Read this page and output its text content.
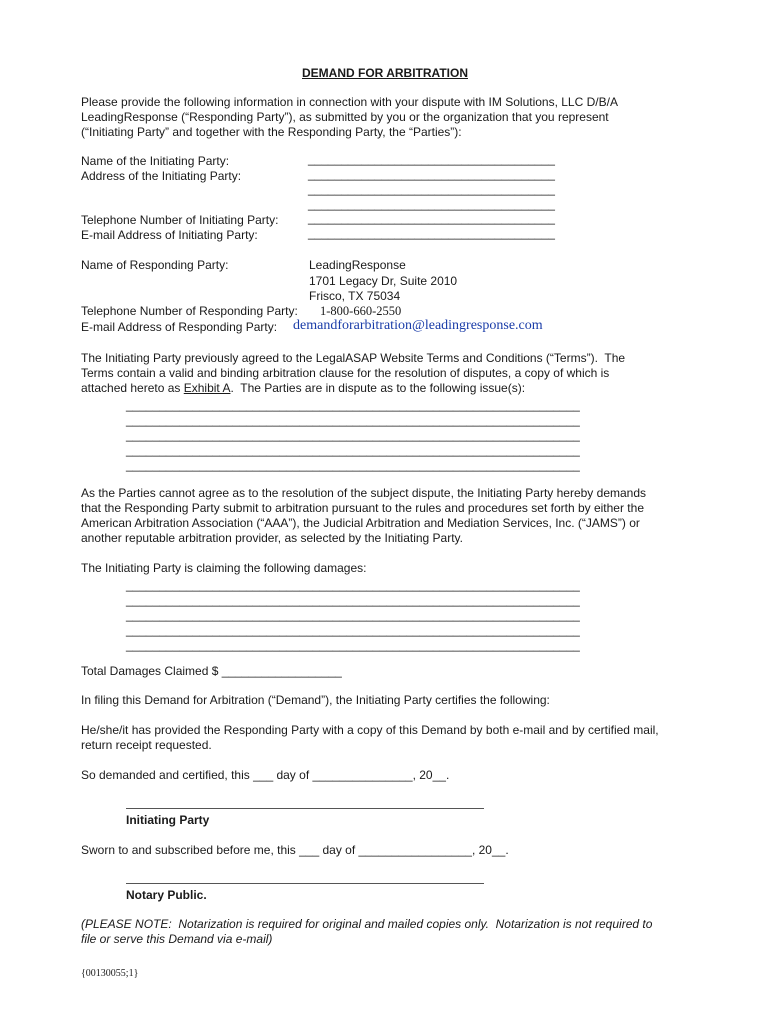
DEMAND FOR ARBITRATION
Please provide the following information in connection with your dispute with IM Solutions, LLC D/B/A
LeadingResponse (“Responding Party”), as submitted by you or the organization that you represent
(“Initiating Party” and together with the Responding Party, the “Parties”):
Name of the Initiating Party:	_____________________________________
Address of the Initiating Party:	_____________________________________
_____________________________________
_____________________________________
Telephone Number of Initiating Party: _____________________________________
E-mail Address of Initiating Party:	_____________________________________
Name of Responding Party:	LeadingResponse
1701 Legacy Dr, Suite 2010
Frisco, TX 75034
Telephone Number of Responding Party: 1-800-660-2550
E-mail Address of Responding Party: demandforarbitration@leadingresponse.com
The Initiating Party previously agreed to the LegalASAP Website Terms and Conditions (“Terms”).  The
Terms contain a valid and binding arbitration clause for the resolution of disputes, a copy of which is
attached hereto as Exhibit A.  The Parties are in dispute as to the following issue(s):
____________________________________________________________________
____________________________________________________________________
____________________________________________________________________
____________________________________________________________________
____________________________________________________________________
As the Parties cannot agree as to the resolution of the subject dispute, the Initiating Party hereby demands
that the Responding Party submit to arbitration pursuant to the rules and procedures set forth by either the
American Arbitration Association (“AAA”), the Judicial Arbitration and Mediation Services, Inc. (“JAMS”) or
another reputable arbitration provider, as selected by the Initiating Party.
The Initiating Party is claiming the following damages:
____________________________________________________________________
____________________________________________________________________
____________________________________________________________________
____________________________________________________________________
____________________________________________________________________
Total Damages Claimed $ __________________
In filing this Demand for Arbitration (“Demand”), the Initiating Party certifies the following:
He/she/it has provided the Responding Party with a copy of this Demand by both e-mail and by certified mail,
return receipt requested.
So demanded and certified, this ___ day of _______________, 20__.
Initiating Party
Sworn to and subscribed before me, this ___ day of _________________, 20__.
Notary Public.
(PLEASE NOTE:  Notarization is required for original and mailed copies only.  Notarization is not required to
file or serve this Demand via e-mail)
{00130055;1}
